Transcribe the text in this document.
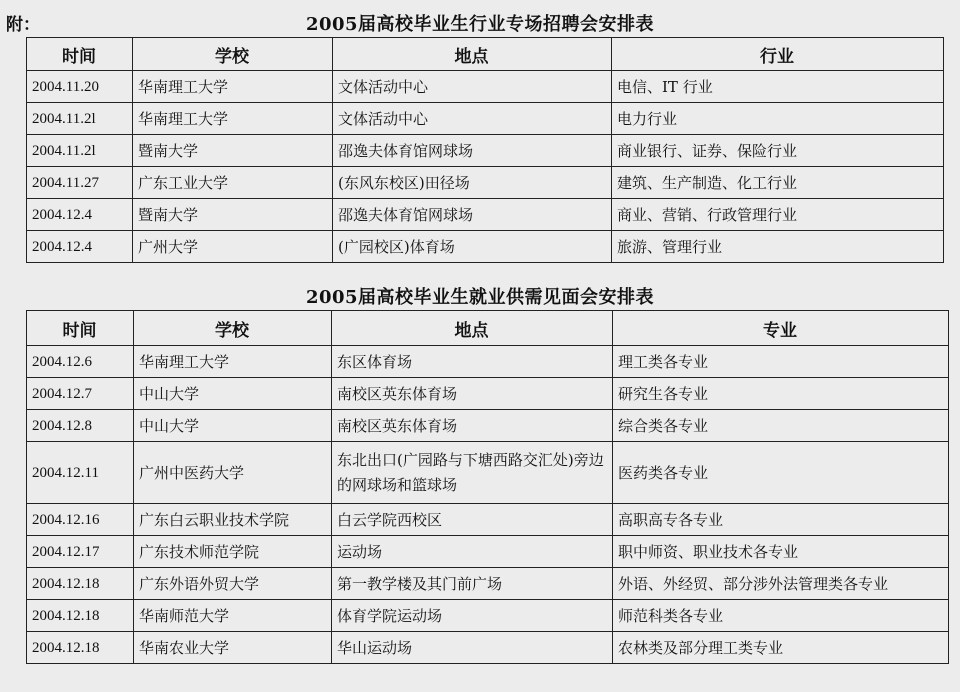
附：	2005届高校毕业生行业专场招聘会安排表
时间	学校	地点	行业
2004.11.20	华南理工大学	文体活动中心	电信、IT 行业
2004.11.2l	华南理工大学	文体活动中心	电力行业
2004.11.2l	暨南大学	邵逸夫体育馆网球场	商业银行、证券、保险行业
2004.11.27	广东工业大学	(东风东校区)田径场	建筑、生产制造、化工行业
2004.12.4	暨南大学	邵逸夫体育馆网球场	商业、营销、行政管理行业
2004.12.4	广州大学	(广园校区)体育场	旅游、管理行业
2005届高校毕业生就业供需见面会安排表
时间	学校	地点	专业
2004.12.6	华南理工大学	东区体育场	理工类各专业
2004.12.7	中山大学	南校区英东体育场	研究生各专业
2004.12.8	中山大学	南校区英东体育场	综合类各专业
2004.12.11	广州中医药大学	东北出口(广园路与下塘西路交汇处)旁边的网球场和篮球场	医药类各专业
2004.12.16	广东白云职业技术学院	白云学院西校区	高职高专各专业
2004.12.17	广东技术师范学院	运动场	职中师资、职业技术各专业
2004.12.18	广东外语外贸大学	第一教学楼及其门前广场	外语、外经贸、部分涉外法管理类各专业
2004.12.18	华南师范大学	体育学院运动场	师范科类各专业
2004.12.18	华南农业大学	华山运动场	农林类及部分理工类专业
